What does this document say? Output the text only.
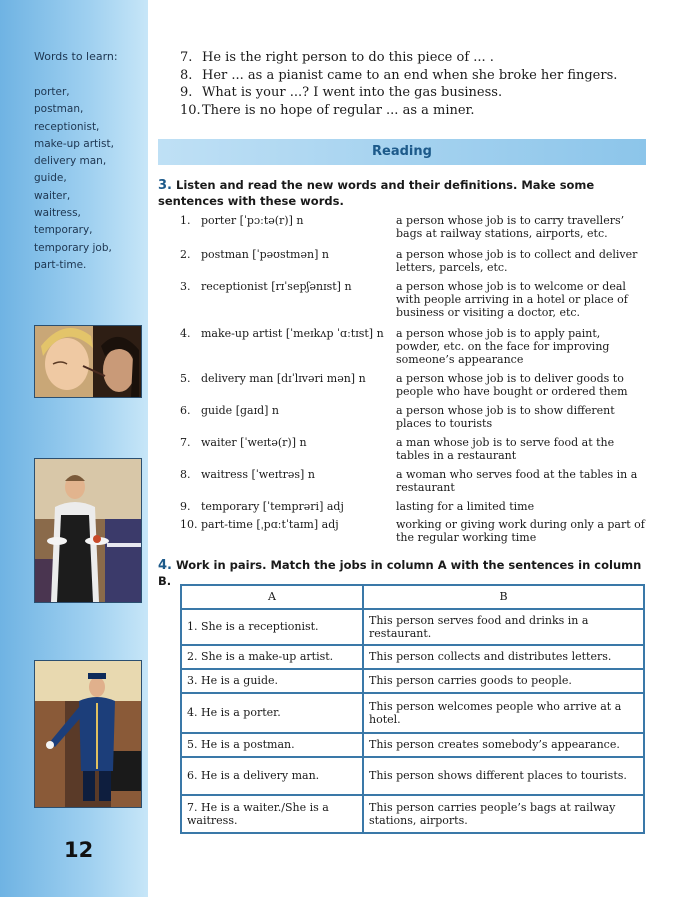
Words to learn:
porter,
postman,
receptionist,
make-up artist,
delivery man,
guide,
waiter,
waitress,
temporary,
temporary job,
part-time.
12
7. He is the right person to do this piece of ... .
8. Her ... as a pianist came to an end when she broke her fingers.
9. What is your ...? I went into the gas business.
10.There is no hope of regular ... as a miner.
Reading
3. Listen and read the new words and their definitions. Make some sentences with these words.
1. porter [ˈpɔːtə(r)] n	a person whose job is to carry travellers’ bags at railway stations, airports, etc.
2. postman [ˈpəʊstmən] n	a person whose job is to collect and deliver letters, parcels, etc.
3. receptionist [rɪˈsepʃənɪst] n	a person whose job is to welcome or deal with people arriving in a hotel or place of business or visiting a doctor, etc.
4. make-up artist [ˈmeɪkʌp ˈɑːtɪst] n a person whose job is to apply paint, powder, etc. on the face for improving someone’s appearance
5. delivery man [dɪˈlɪvəri mən] n	a person whose job is to deliver goods to people who have bought or ordered them
6. guide [gaɪd] n	a person whose job is to show different places to tourists
7. waiter [ˈweɪtə(r)] n	a man whose job is to serve food at the tables in a restaurant
8. waitress [ˈweɪtrəs] n	a woman who serves food at the tables in a restaurant
9. temporary [ˈtemprəri] adj	lasting for a limited time
10. part-time [ˌpɑːtˈtaɪm] adj	working or giving work during only a part of the regular working time
4. Work in pairs. Match the jobs in column A with the sentences in column B.
A	B
1. She is a receptionist.	This person serves food and drinks in a restaurant.
2. She is a make-up artist.	This person collects and distributes letters.
3. He is a guide.	This person carries goods to people.
4. He is a porter.	This person welcomes people who arrive at a hotel.
5. He is a postman.	This person creates somebody’s appearance.
6. He is a delivery man.	This person shows different places to tourists.
7. He is a waiter./She is a waitress.	This person carries people’s bags at railway stations, airports.
